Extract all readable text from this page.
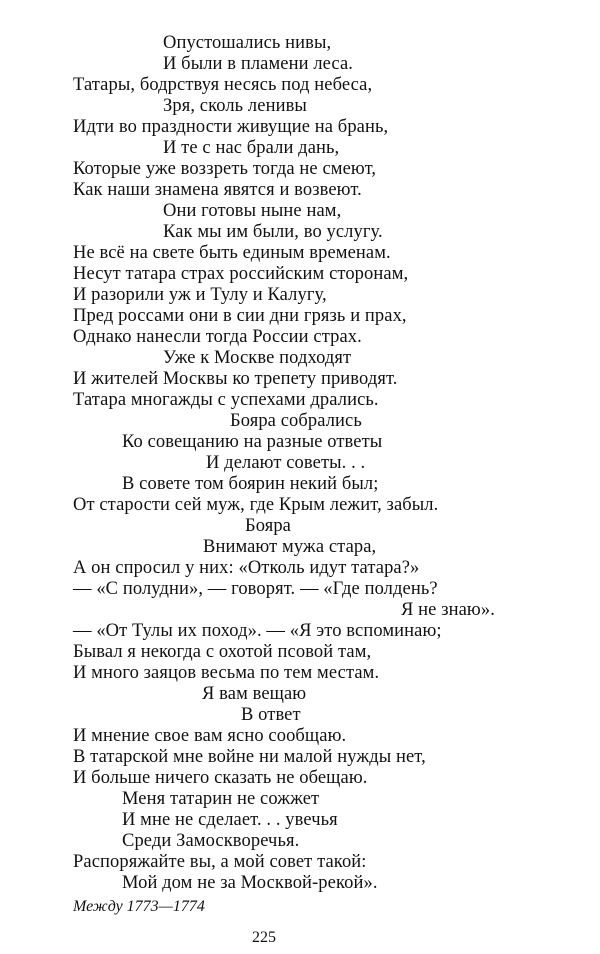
Опустошались нивы,
И были в пламени леса.
Татары, бодрствуя несясь под небеса,
Зря, сколь ленивы
Идти во праздности живущие на брань,
И те с нас брали дань,
Которые уже воззреть тогда не смеют,
Как наши знамена явятся и возвеют.
Они готовы ныне нам,
Как мы им были, во услугу.
Не всё на свете быть единым временам.
Несут татара страх российским сторонам,
И разорили уж и Тулу и Калугу,
Пред россами они в сии дни грязь и прах,
Однако нанесли тогда России страх.
Уже к Москве подходят
И жителей Москвы ко трепету приводят.
Татара многажды с успехами дрались.
Бояра собрались
Ко совещанию на разные ответы
И делают советы. . .
В совете том боярин некий был;
От старости сей муж, где Крым лежит, забыл.
Бояра
Внимают мужа стара,
А он спросил у них: «Отколь идут татара?»
— «С полудни», — говорят. — «Где полдень?
Я не знаю».
— «От Тулы их поход». — «Я это вспоминаю;
Бывал я некогда с охотой псовой там,
И много заяцов весьма по тем местам.
Я вам вещаю
В ответ
И мнение свое вам ясно сообщаю.
В татарской мне войне ни малой нужды нет,
И больше ничего сказать не обещаю.
Меня татарин не сожжет
И мне не сделает. . . увечья
Среди Замоскворечья.
Распоряжайте вы, а мой совет такой:
Мой дом не за Москвой-рекой».
Между 1773—1774
225
